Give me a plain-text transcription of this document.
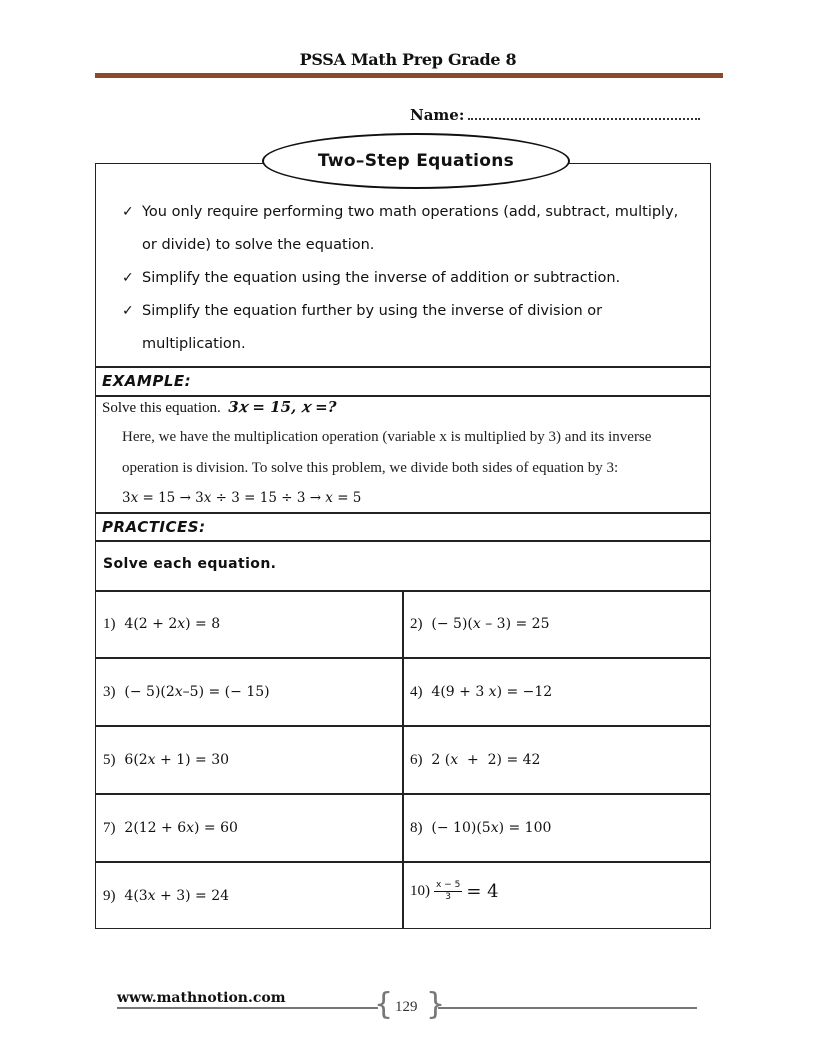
PSSA Math Prep Grade 8
Name:
Two–Step Equations
✓ You only require performing two math operations (add, subtract, multiply,
or divide) to solve the equation.
✓ Simplify the equation using the inverse of addition or subtraction.
✓ Simplify the equation further by using the inverse of division or
multiplication.
EXAMPLE:
Solve this equation. 3𝑥 = 15, 𝑥 =?
Here, we have the multiplication operation (variable x is multiplied by 3) and its inverse
operation is division. To solve this problem, we divide both sides of equation by 3:
3𝑥 = 15 → 3𝑥 ÷ 3 = 15 ÷ 3 → 𝑥 = 5
PRACTICES:
Solve each equation.
1) 4(2 + 2𝑥) = 8	2) (− 5)(𝑥 – 3) = 25
3) (− 5)(2𝑥–5) = (− 15)	4) 4(9 + 3 𝑥) = −12
5) 6(2𝑥 + 1) = 30	6) 2 (𝑥  +  2) = 42
7) 2(12 + 6𝑥) = 60	8) (− 10)(5𝑥) = 100
9) 4(3𝑥 + 3) = 24	$10) \frac{x - 5}{3} = 4$
www.mathnotion.com	{ }
129
